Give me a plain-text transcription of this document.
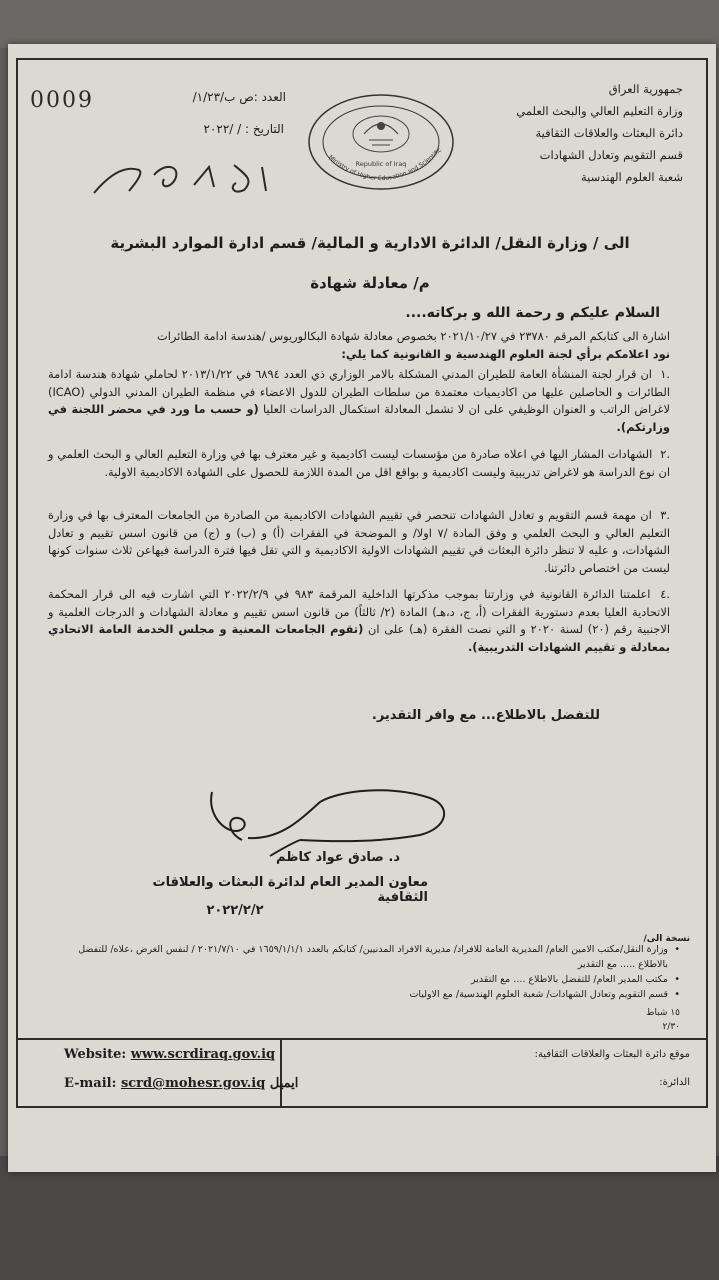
جمهورية العراق
وزارة التعليم العالي والبحث العلمي
دائرة البعثات والعلاقات الثقافية
قسم التقويم وتعادل الشهادات
شعبة العلوم الهندسية
0009	العدد :ص ب/١/٢٣/
التاريخ : / /٢٠٢٢
Ministry of Higher Education and Scientific
Republic of Iraq
الى / وزارة النقل/ الدائرة الادارية و المالية/ قسم ادارة الموارد البشرية
م/ معادلة شهادة
السلام عليكم و رحمة الله و بركاته....
اشارة الى كتابكم المرقم ٢٣٧٨٠ في ٢٠٢١/١٠/٢٧ بخصوص معادلة شهادة البكالوريوس /هندسة ادامة الطائرات
نود اعلامكم برأي لجنة العلوم الهندسية و القانونية كما يلي:
.١ ان قرار لجنة المنشأة العامة للطيران المدني المشكلة بالامر الوزاري ذي العدد ٦٨٩٤ في ٢٠١٣/١/٢٢ لحاملي شهادة هندسة ادامة الطائرات و الحاصلين عليها من اكاديميات معتمدة من سلطات الطيران للدول الاعضاء في منظمة الطيران المدني الدولي (ICAO) لاغراض الراتب و العنوان الوظيفي على ان لا تشمل المعادلة استكمال الدراسات العليا (و حسب ما ورد في محضر اللجنة في وزارتكم).
.٢ الشهادات المشار اليها في اعلاه صادرة من مؤسسات ليست اكاديمية و غير معترف بها في وزارة التعليم العالي و البحث العلمي و ان نوع الدراسة هو لاغراض تدريبية وليست اكاديمية و بواقع اقل من المدة اللازمة للحصول على الشهادة الاكاديمية الاولية.
.٣ ان مهمة قسم التقويم و تعادل الشهادات تنحصر في تقييم الشهادات الاكاديمية من الصادرة من الجامعات المعترف بها في وزارة التعليم العالي و البحث العلمي و وفق المادة /٧ اولا/ و الموضحة في الفقرات (أ) و (ب) و (ج) من قانون اسس تقييم و تعادل الشهادات، و عليه لا تنظر دائرة البعثات في تقييم الشهادات الاولية الاكاديمية و التي تقل فيها فترة الدراسة فيهاعن ثلاث سنوات كونها ليست من اختصاص دائرتنا.
.٤ اعلمتنا الدائرة القانونية في وزارتنا بموجب مذكرتها الداخلية المرقمة ٩٨٣ في ٢٠٢٢/٢/٩ التي اشارت فيه الى قرار المحكمة الاتحادية العليا بعدم دستورية الفقرات (أ، ج، د،هـ) المادة (٢/ ثالثاً) من قانون اسس تقييم و معادلة الشهادات و الدرجات العلمية و الاجنبية رقم (٢٠) لسنة ٢٠٢٠ و التي نصت الفقرة (هـ) على ان (تقوم الجامعات المعنية و مجلس الخدمة العامة الاتحادي بمعادلة و تقييم الشهادات التدريبية).
للتفضل بالاطلاع... مع وافر التقدير.
د. صادق عواد كاظم
معاون المدير العام لدائرة البعثات والعلاقات الثقافية
٢٠٢٢/٢/٢
نسخة الى/
• وزارة النقل/مكتب الامين العام/ المديرية العامة للافراد/ مديرية الافراد المدنيين/ كتابكم بالعدد ١٦٥٩/١/١/١ في ٢٠٢١/٧/١٠ / لنفس الغرض ،علاه/ للتفضل بالاطلاع ..... مع التقدير
• مكتب المدير العام/ للتفضل بالاطلاع .... مع التقدير
• قسم التقويم وتعادل الشهادات/ شعبة العلوم الهندسية/ مع الاوليات
١٥ شباط
٢/٣٠
Website: www.scrdiraq.gov.iq
E-mail: scrd@mohesr.gov.iq ايميل
موقع دائرة البعثات والعلاقات الثقافية:
الدائرة:
